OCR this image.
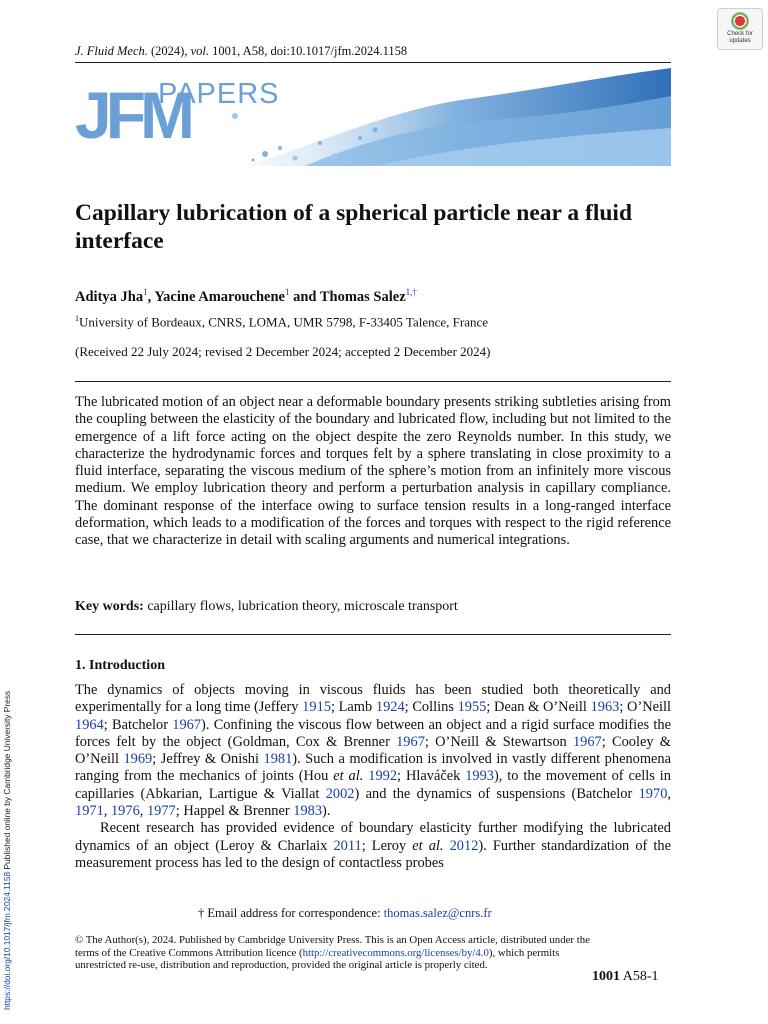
J. Fluid Mech. (2024), vol. 1001, A58, doi:10.1017/jfm.2024.1158
Check for
updates
JFM
PAPERS
Capillary lubrication of a spherical particle near a fluid interface
Aditya Jha$^1$, Yacine Amarouchene$^1$ and Thomas Salez$^{1,\dagger}$
$^1$University of Bordeaux, CNRS, LOMA, UMR 5798, F-33405 Talence, France
(Received 22 July 2024; revised 2 December 2024; accepted 2 December 2024)
The lubricated motion of an object near a deformable boundary presents striking subtleties arising from the coupling between the elasticity of the boundary and lubricated flow, including but not limited to the emergence of a lift force acting on the object despite the zero Reynolds number. In this study, we characterize the hydrodynamic forces and torques felt by a sphere translating in close proximity to a fluid interface, separating the viscous medium of the sphere’s motion from an infinitely more viscous medium. We employ lubrication theory and perform a perturbation analysis in capillary compliance. The dominant response of the interface owing to surface tension results in a long-ranged interface deformation, which leads to a modification of the forces and torques with respect to the rigid reference case, that we characterize in detail with scaling arguments and numerical integrations.
Key words: capillary flows, lubrication theory, microscale transport
1. Introduction

The dynamics of objects moving in viscous fluids has been studied both theoretically and experimentally for a long time (Jeffery 1915; Lamb 1924; Collins 1955; Dean & O’Neill 1963; O’Neill 1964; Batchelor 1967). Confining the viscous flow between an object and a rigid surface modifies the forces felt by the object (Goldman, Cox & Brenner 1967; O’Neill & Stewartson 1967; Cooley & O’Neill 1969; Jeffrey & Onishi 1981). Such a modification is involved in vastly different phenomena ranging from the mechanics of joints (Hou et al. 1992; Hlaváček 1993), to the movement of cells in capillaries (Abkarian, Lartigue & Viallat 2002) and the dynamics of suspensions (Batchelor 1970, 1971, 1976, 1977; Happel & Brenner 1983).

Recent research has provided evidence of boundary elasticity further modifying the lubricated dynamics of an object (Leroy & Charlaix 2011; Leroy et al. 2012). Further standardization of the measurement process has led to the design of contactless probes

† Email address for correspondence: thomas.salez@cnrs.fr
© The Author(s), 2024. Published by Cambridge University Press. This is an Open Access article, distributed under the terms of the Creative Commons Attribution licence (http://creativecommons.org/licenses/by/4.0), which permits unrestricted re-use, distribution and reproduction, provided the original article is properly cited.
1001 A58-1
https://doi.org/10.1017/jfm.2024.1158 Published online by Cambridge University Press
